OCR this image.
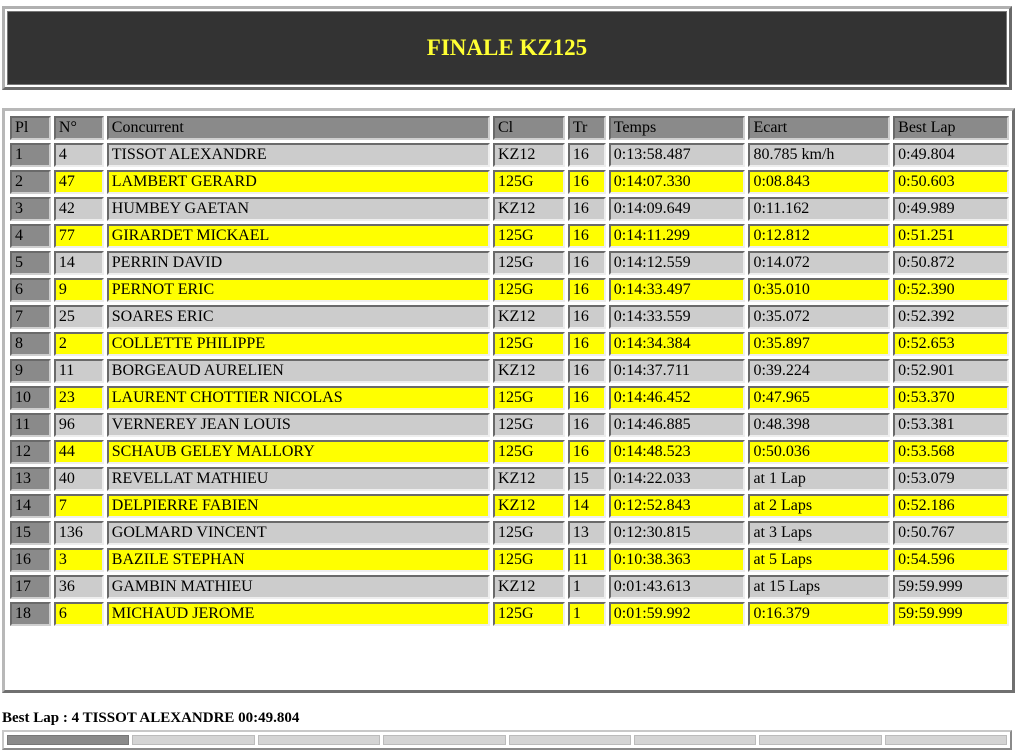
FINALE KZ125
Pl	N°	Concurrent	Cl	Tr	Temps	Ecart	Best Lap
1	4	TISSOT ALEXANDRE	KZ12	16	0:13:58.487	80.785 km/h	0:49.804
2	47	LAMBERT GERARD	125G	16	0:14:07.330	0:08.843	0:50.603
3	42	HUMBEY GAETAN	KZ12	16	0:14:09.649	0:11.162	0:49.989
4	77	GIRARDET MICKAEL	125G	16	0:14:11.299	0:12.812	0:51.251
5	14	PERRIN DAVID	125G	16	0:14:12.559	0:14.072	0:50.872
6	9	PERNOT ERIC	125G	16	0:14:33.497	0:35.010	0:52.390
7	25	SOARES ERIC	KZ12	16	0:14:33.559	0:35.072	0:52.392
8	2	COLLETTE PHILIPPE	125G	16	0:14:34.384	0:35.897	0:52.653
9	11	BORGEAUD AURELIEN	KZ12	16	0:14:37.711	0:39.224	0:52.901
10	23	LAURENT CHOTTIER NICOLAS	125G	16	0:14:46.452	0:47.965	0:53.370
11	96	VERNEREY JEAN LOUIS	125G	16	0:14:46.885	0:48.398	0:53.381
12	44	SCHAUB GELEY MALLORY	125G	16	0:14:48.523	0:50.036	0:53.568
13	40	REVELLAT MATHIEU	KZ12	15	0:14:22.033	at 1 Lap	0:53.079
14	7	DELPIERRE FABIEN	KZ12	14	0:12:52.843	at 2 Laps	0:52.186
15	136	GOLMARD VINCENT	125G	13	0:12:30.815	at 3 Laps	0:50.767
16	3	BAZILE STEPHAN	125G	11	0:10:38.363	at 5 Laps	0:54.596
17	36	GAMBIN MATHIEU	KZ12	1	0:01:43.613	at 15 Laps	59:59.999
18	6	MICHAUD JEROME	125G	1	0:01:59.992	0:16.379	59:59.999
Best Lap : 4 TISSOT ALEXANDRE 00:49.804
